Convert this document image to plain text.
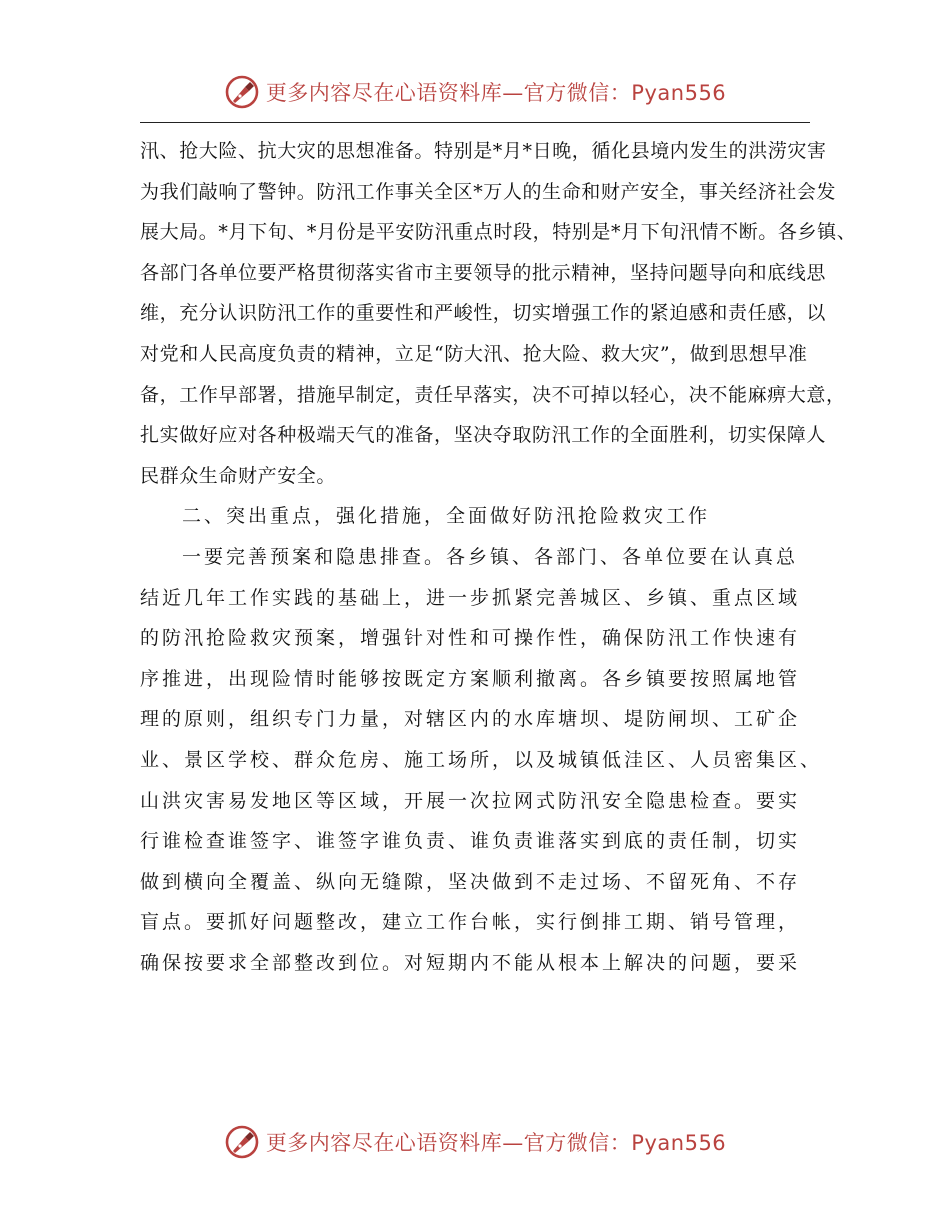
更多内容尽在心语资料库—官方微信：Pyan556
汛、抢大险、抗大灾的思想准备。特别是*月*日晚，循化县境内发生的洪涝灾害
为我们敲响了警钟。防汛工作事关全区*万人的生命和财产安全，事关经济社会发
展大局。*月下旬、*月份是平安防汛重点时段，特别是*月下旬汛情不断。各乡镇、
各部门各单位要严格贯彻落实省市主要领导的批示精神，坚持问题导向和底线思
维，充分认识防汛工作的重要性和严峻性，切实增强工作的紧迫感和责任感，以
对党和人民高度负责的精神，立足“防大汛、抢大险、救大灾”，做到思想早准
备，工作早部署，措施早制定，责任早落实，决不可掉以轻心，决不能麻痹大意，
扎实做好应对各种极端天气的准备，坚决夺取防汛工作的全面胜利，切实保障人
民群众生命财产安全。
二、突出重点，强化措施，全面做好防汛抢险救灾工作
一要完善预案和隐患排查。各乡镇、各部门、各单位要在认真总
结近几年工作实践的基础上，进一步抓紧完善城区、乡镇、重点区域
的防汛抢险救灾预案，增强针对性和可操作性，确保防汛工作快速有
序推进，出现险情时能够按既定方案顺利撤离。各乡镇要按照属地管
理的原则，组织专门力量，对辖区内的水库塘坝、堤防闸坝、工矿企
业、景区学校、群众危房、施工场所，以及城镇低洼区、人员密集区、
山洪灾害易发地区等区域，开展一次拉网式防汛安全隐患检查。要实
行谁检查谁签字、谁签字谁负责、谁负责谁落实到底的责任制，切实
做到横向全覆盖、纵向无缝隙，坚决做到不走过场、不留死角、不存
盲点。要抓好问题整改，建立工作台帐，实行倒排工期、销号管理，
确保按要求全部整改到位。对短期内不能从根本上解决的问题，要采
更多内容尽在心语资料库—官方微信：Pyan556
